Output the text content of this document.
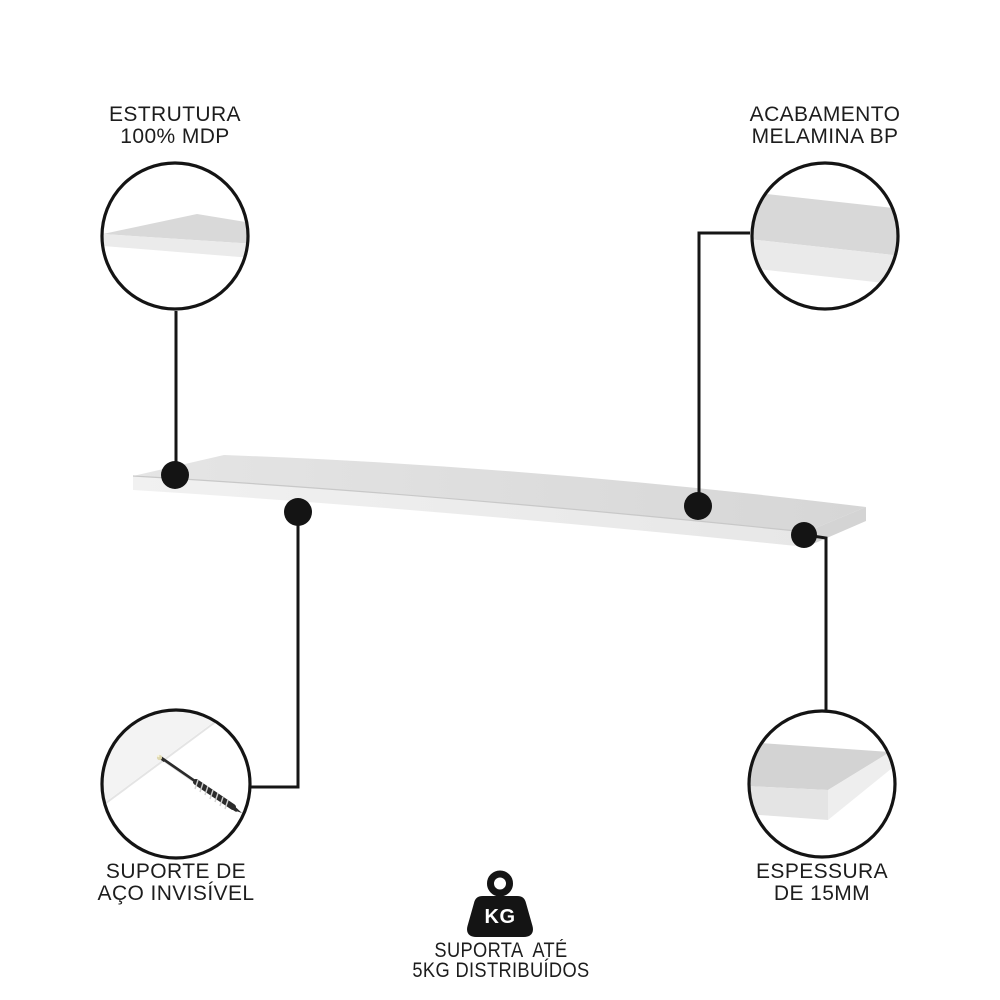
KG
ESTRUTURA
100% MDP
ACABAMENTO
MELAMINA BP
SUPORTE DE
AÇO INVISÍVEL
ESPESSURA
DE 15MM
SUPORTA  ATÉ
5KG DISTRIBUÍDOS
